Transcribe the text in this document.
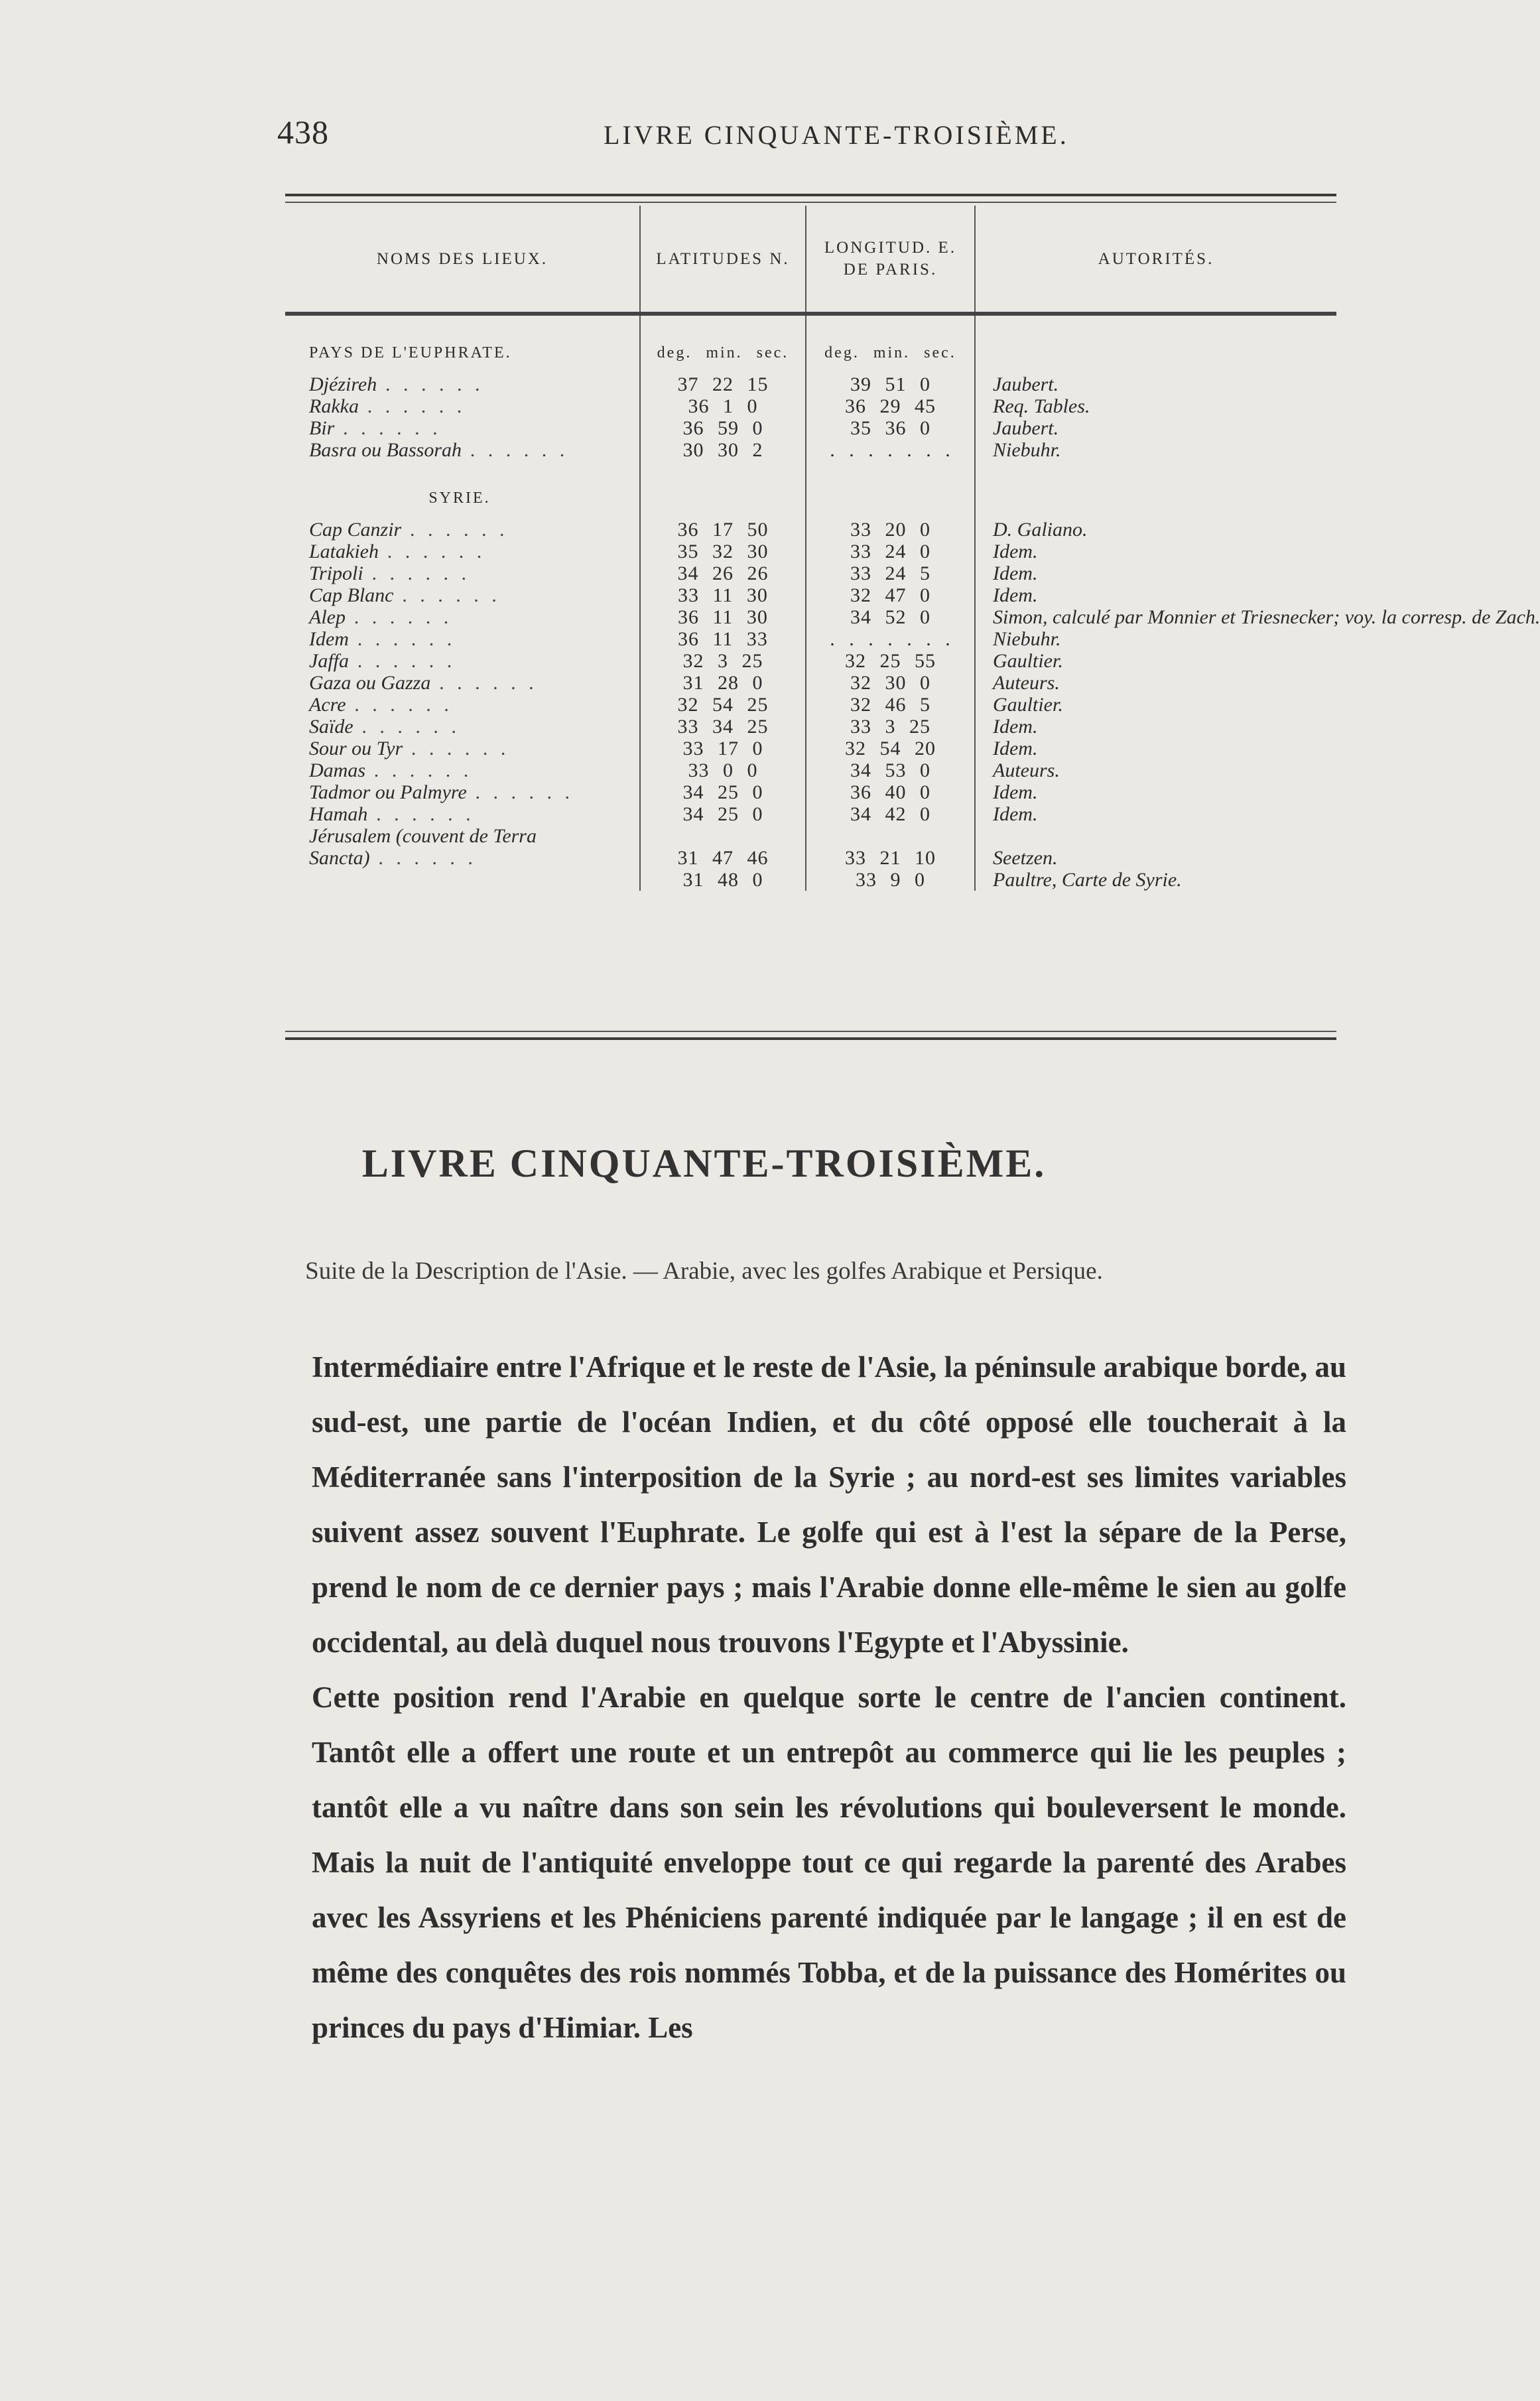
438	LIVRE CINQUANTE-TROISIÈME.
NOMS DES LIEUX.	LATITUDES N.	LONGITUD. E.
DE PARIS.	AUTORITÉS.
PAYS DE L'EUPHRATE.	deg. min. sec.	deg. min. sec.	
Djézireh . . . . . .	37 22 15	39 51 0	Jaubert.
Rakka . . . . . .	36 1 0	36 29 45	Req. Tables.
Bir . . . . . .	36 59 0	35 36 0	Jaubert.
Basra ou Bassorah . . . . . .	30 30 2	. . . . . . .	Niebuhr.
SYRIE.			
Cap Canzir . . . . . .	36 17 50	33 20 0	D. Galiano.
Latakieh . . . . . .	35 32 30	33 24 0	Idem.
Tripoli . . . . . .	34 26 26	33 24 5	Idem.
Cap Blanc . . . . . .	33 11 30	32 47 0	Idem.
Alep . . . . . .	36 11 30	34 52 0	Simon, calculé par Monnier et Triesnecker; voy. la corresp. de Zach.
Idem . . . . . .	36 11 33	. . . . . . .	Niebuhr.
Jaffa . . . . . .	32 3 25	32 25 55	Gaultier.
Gaza ou Gazza . . . . . .	31 28 0	32 30 0	Auteurs.
Acre . . . . . .	32 54 25	32 46 5	Gaultier.
Saïde . . . . . .	33 34 25	33 3 25	Idem.
Sour ou Tyr . . . . . .	33 17 0	32 54 20	Idem.
Damas . . . . . .	33 0 0	34 53 0	Auteurs.
Tadmor ou Palmyre . . . . . .	34 25 0	36 40 0	Idem.
Hamah . . . . . .	34 25 0	34 42 0	Idem.
Jérusalem (couvent de Terra			
Sancta) . . . . . .	31 47 46	33 21 10	Seetzen.
	31 48 0	33 9 0	Paultre, Carte de Syrie.
LIVRE CINQUANTE-TROISIÈME.
Suite de la Description de l'Asie. — Arabie, avec les golfes Arabique et Persique.

Intermédiaire entre l'Afrique et le reste de l'Asie, la péninsule arabique borde, au sud-est, une partie de l'océan Indien, et du côté opposé elle toucherait à la Méditerranée sans l'interposition de la Syrie ; au nord-est ses limites variables suivent assez souvent l'Euphrate. Le golfe qui est à l'est la sépare de la Perse, prend le nom de ce dernier pays ; mais l'Arabie donne elle-même le sien au golfe occidental, au delà duquel nous trouvons l'Egypte et l'Abyssinie.

Cette position rend l'Arabie en quelque sorte le centre de l'ancien continent. Tantôt elle a offert une route et un entrepôt au commerce qui lie les peuples ; tantôt elle a vu naître dans son sein les révolutions qui bouleversent le monde. Mais la nuit de l'antiquité enveloppe tout ce qui regarde la parenté des Arabes avec les Assyriens et les Phéniciens parenté indiquée par le langage ; il en est de même des conquêtes des rois nommés Tobba, et de la puissance des Homérites ou princes du pays d'Himiar. Les
